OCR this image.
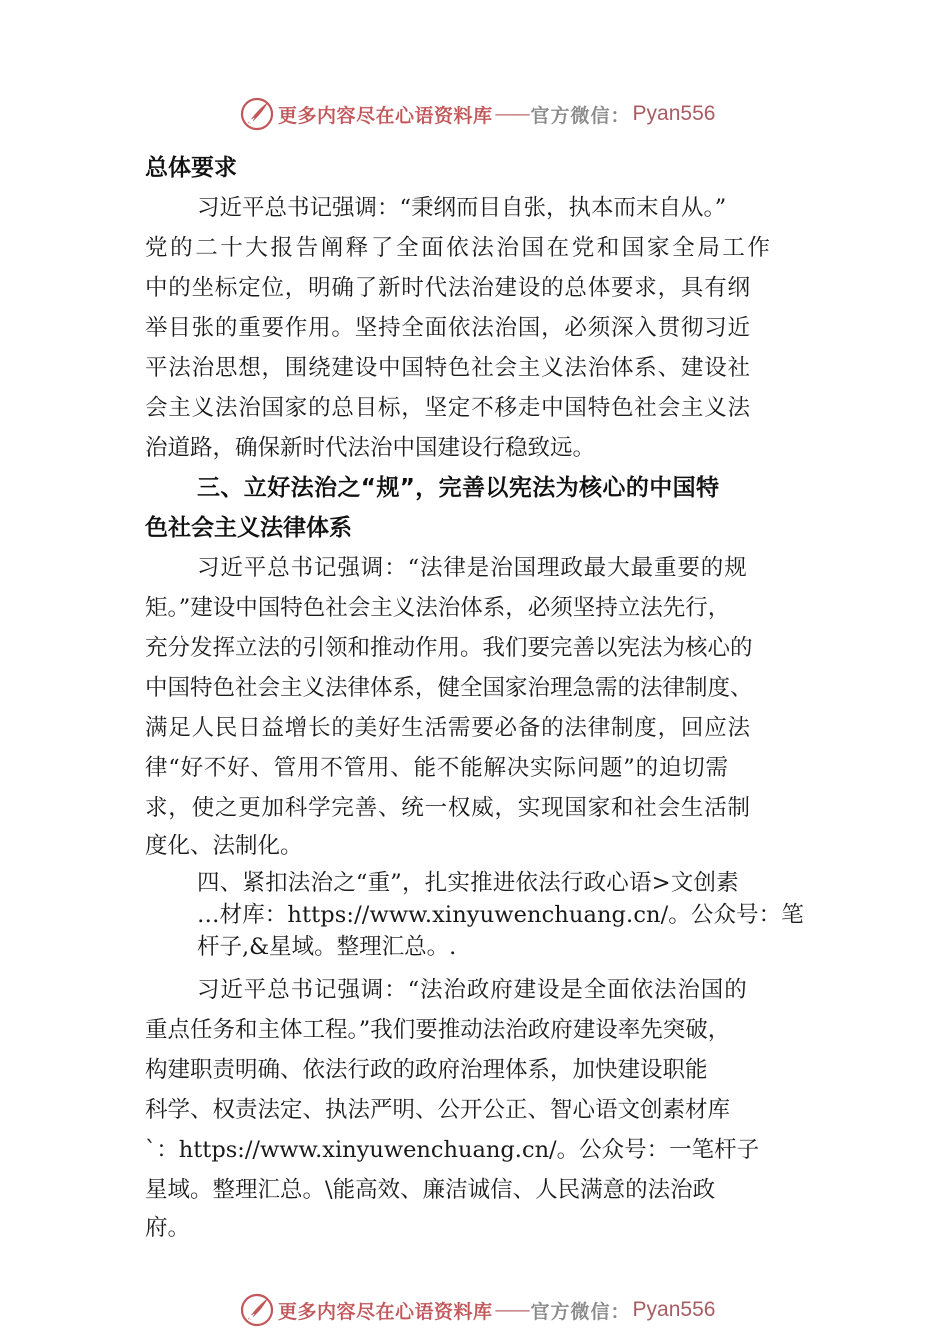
更多内容尽在心语资料库 —— 官方微信： Pyan556
总体要求
习近平总书记强调：“秉纲而目自张，执本而末自从。”
党的二十大报告阐释了全面依法治国在党和国家全局工作
中的坐标定位，明确了新时代法治建设的总体要求，具有纲
举目张的重要作用。坚持全面依法治国，必须深入贯彻习近
平法治思想，围绕建设中国特色社会主义法治体系、建设社
会主义法治国家的总目标，坚定不移走中国特色社会主义法
治道路，确保新时代法治中国建设行稳致远。
三、立好法治之“规”，完善以宪法为核心的中国特
色社会主义法律体系
习近平总书记强调：“法律是治国理政最大最重要的规
矩。”建设中国特色社会主义法治体系，必须坚持立法先行，
充分发挥立法的引领和推动作用。我们要完善以宪法为核心的
中国特色社会主义法律体系，健全国家治理急需的法律制度、
满足人民日益增长的美好生活需要必备的法律制度，回应法
律“好不好、管用不管用、能不能解决实际问题”的迫切需
求，使之更加科学完善、统一权威，实现国家和社会生活制
度化、法制化。
四、紧扣法治之“重”，扎实推进依法行政心语>文创素
…材库：https://www.xinyuwenchuang.cn/。公众号：笔
杆子,&星域。整理汇总。.
习近平总书记强调：“法治政府建设是全面依法治国的
重点任务和主体工程。”我们要推动法治政府建设率先突破，
构建职责明确、依法行政的政府治理体系，加快建设职能
科学、权责法定、执法严明、公开公正、智心语文创素材库
`：https://www.xinyuwenchuang.cn/。公众号：一笔杆子
星域。整理汇总。\能高效、廉洁诚信、人民满意的法治政
府。
更多内容尽在心语资料库 —— 官方微信： Pyan556
